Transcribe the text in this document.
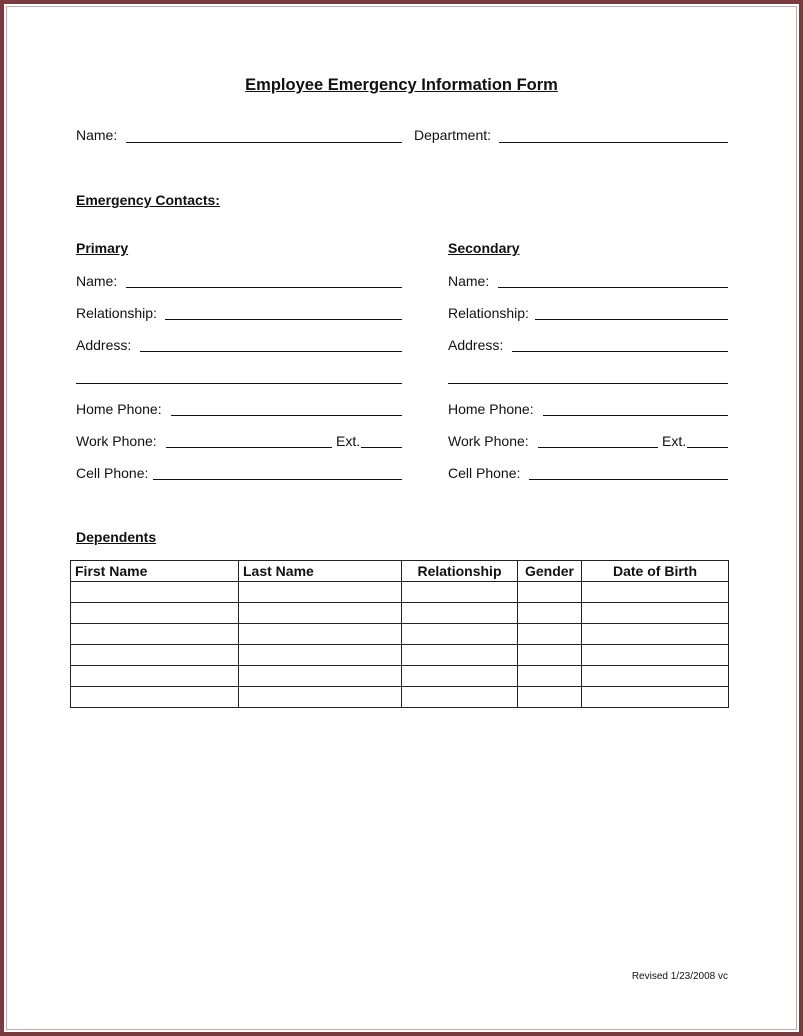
Employee Emergency Information Form
Name:	Department:
Emergency Contacts:
Primary
Name:
Relationship:
Address:
Home Phone:
Work Phone:	Ext.
Cell Phone:
Secondary
Name:
Relationship:
Address:
Home Phone:
Work Phone:	Ext.
Cell Phone:
Dependents
First Name	Last Name	Relationship	Gender	Date of Birth

Revised 1/23/2008 vc
